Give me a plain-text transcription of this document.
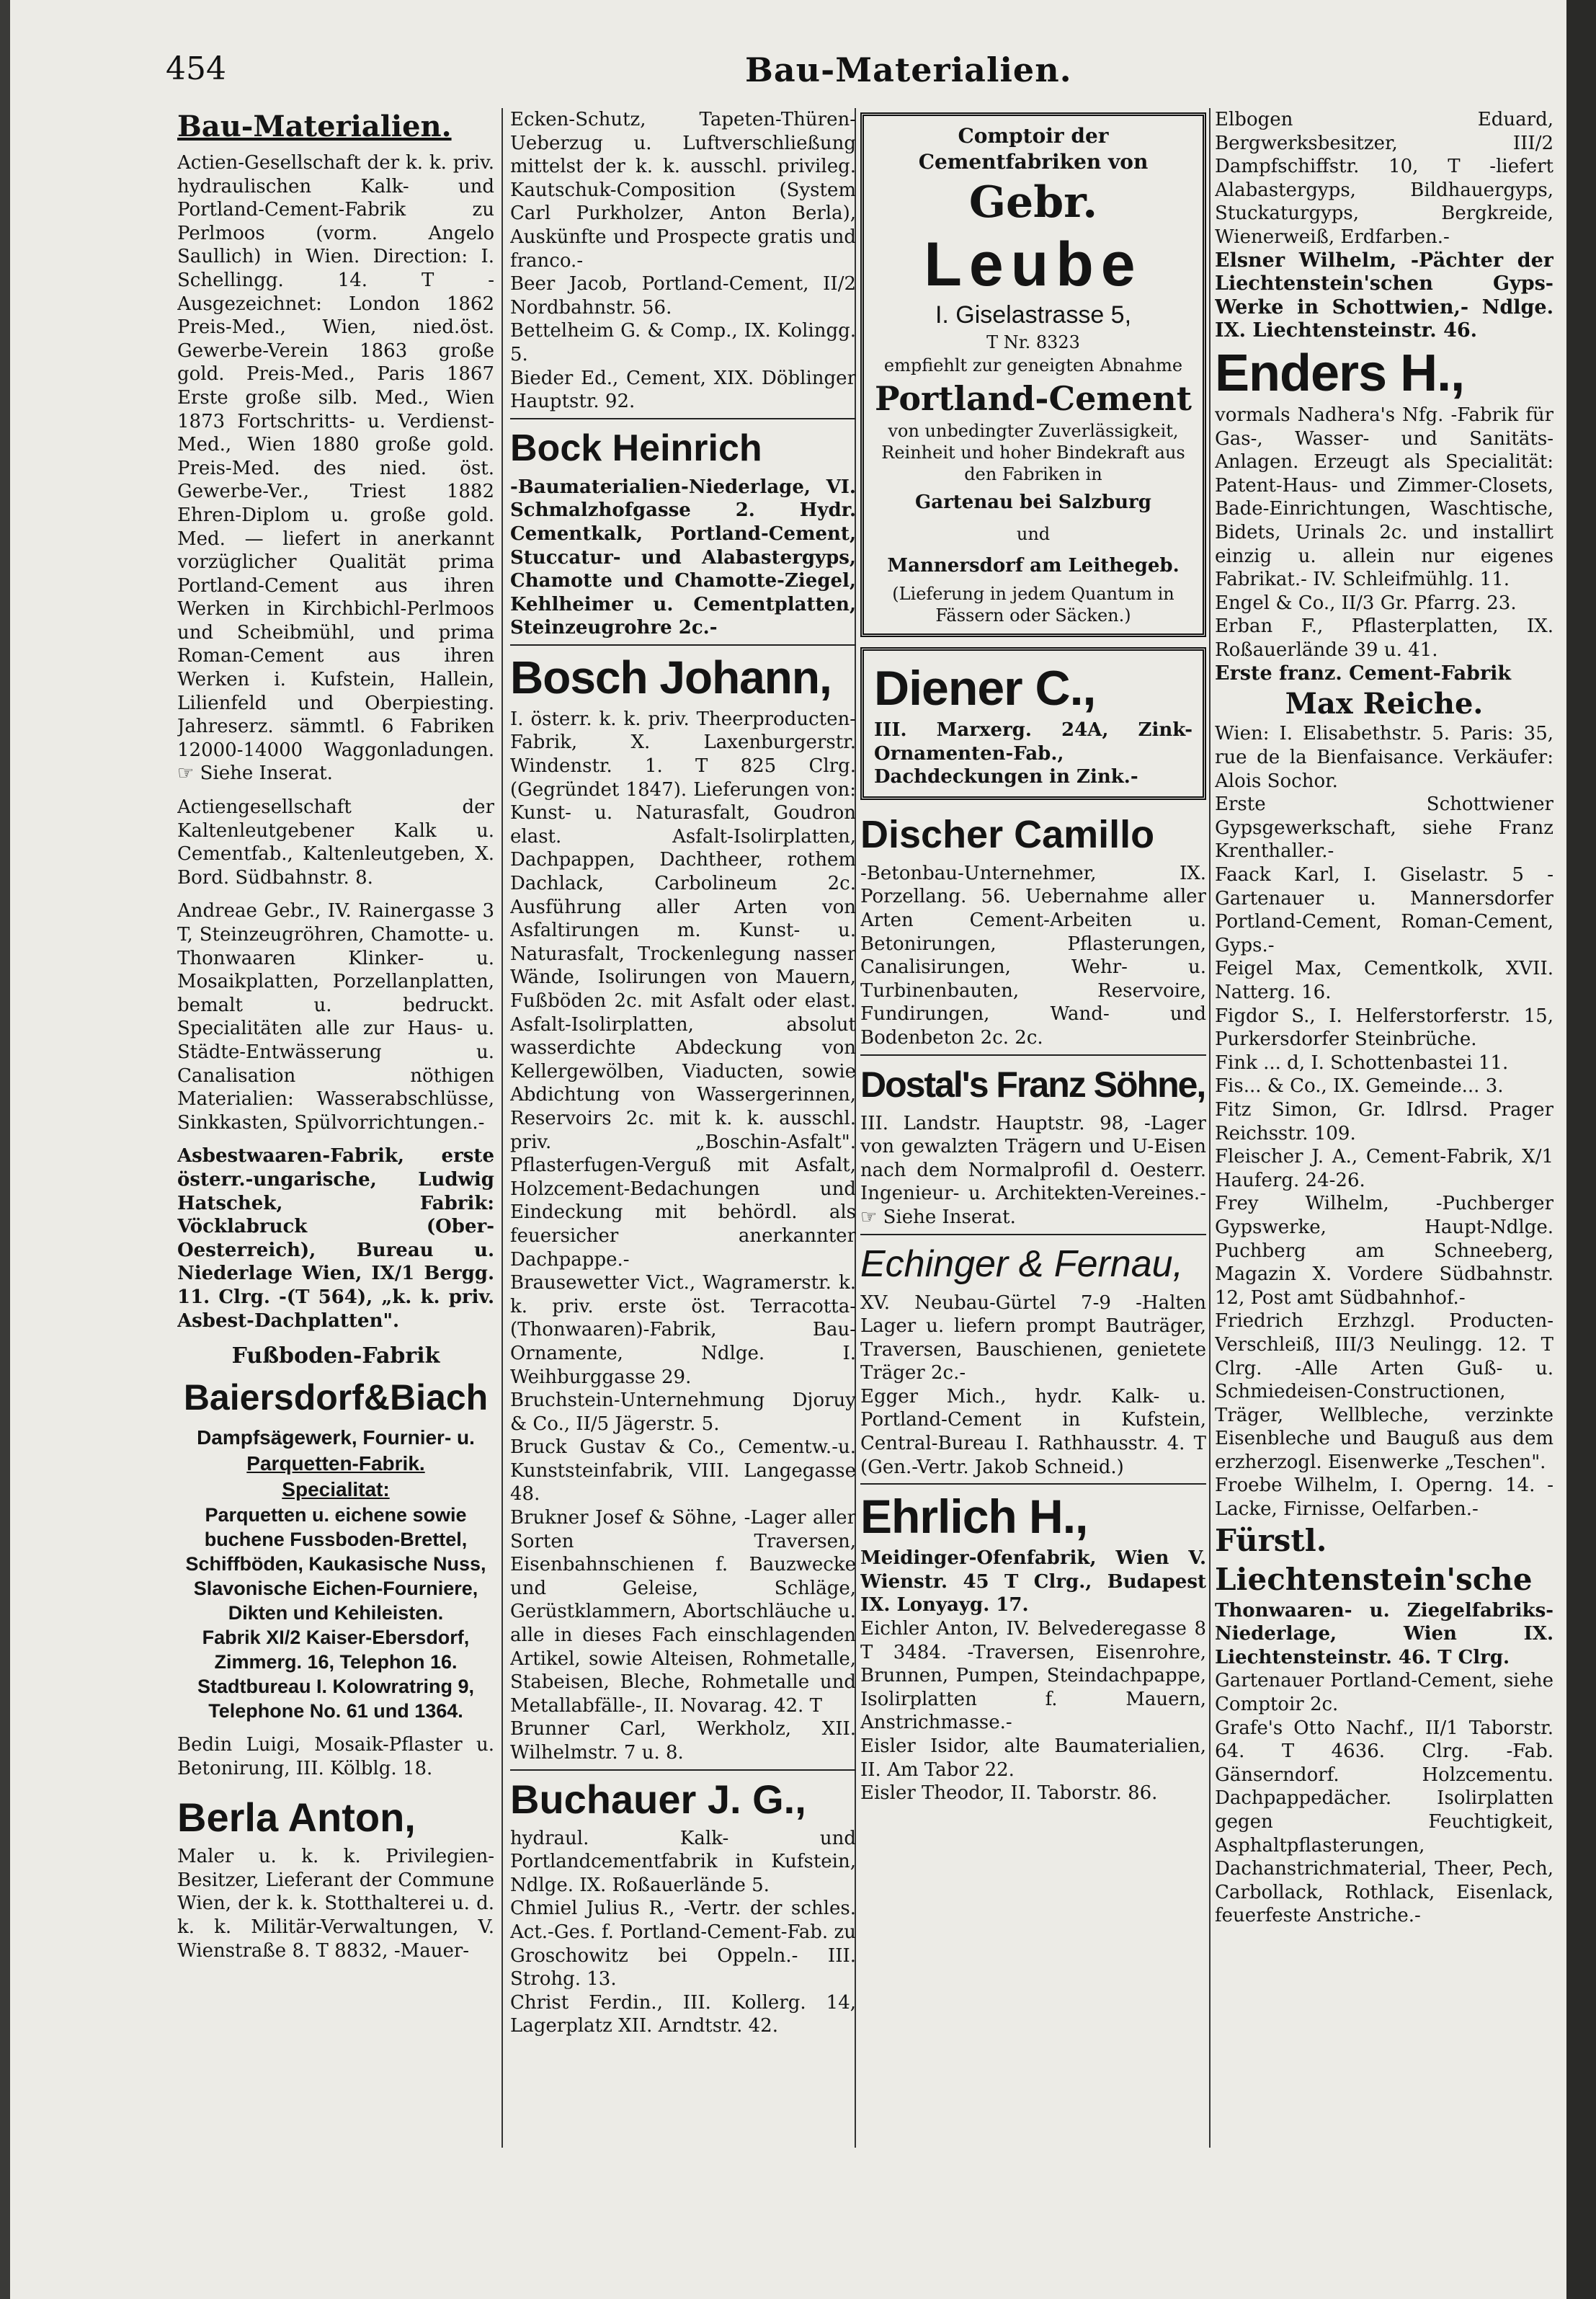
454	Bau-Materialien.
Bau-Materialien.

Actien-Gesellschaft der k. k. priv. hydraulischen Kalk- und Portland-Cement-Fabrik zu Perlmoos (vorm. Angelo Saullich) in Wien. Direction: I. Schellingg. 14. T -Ausgezeichnet: London 1862 Preis-Med., Wien, nied.öst. Gewerbe-Verein 1863 große gold. Preis-Med., Paris 1867 Erste große silb. Med., Wien 1873 Fortschritts- u. Verdienst-Med., Wien 1880 große gold. Preis-Med. des nied. öst. Gewerbe-Ver., Triest 1882 Ehren-Diplom u. große gold. Med. — liefert in anerkannt vorzüglicher Qualität prima Portland-Cement aus ihren Werken in Kirchbichl-Perlmoos und Scheibmühl, und prima Roman-Cement aus ihren Werken i. Kufstein, Hallein, Lilienfeld und Oberpiesting. Jahreserz. sämmtl. 6 Fabriken 12000-14000 Waggonladungen. ☞ Siehe Inserat.

Actiengesellschaft der Kaltenleutgebener Kalk u. Cementfab., Kaltenleutgeben, X. Bord. Südbahnstr. 8.

Andreae Gebr., IV. Rainergasse 3 T, Steinzeugröhren, Chamotte- u. Thonwaaren Klinker- u. Mosaikplatten, Porzellanplatten, bemalt u. bedruckt. Specialitäten alle zur Haus- u. Städte-Entwässerung u. Canalisation nöthigen Materialien: Wasserabschlüsse, Sinkkasten, Spülvorrichtungen.-

Asbestwaaren-Fabrik, erste österr.-ungarische, Ludwig Hatschek, Fabrik: Vöcklabruck (Ober-Oesterreich), Bureau u. Niederlage Wien, IX/1 Bergg. 11. Clrg. -(T 564), „k. k. priv. Asbest-Dachplatten".

Fußboden-Fabrik
Baiersdorf&Biach
Dampfsägewerk, Fournier- u.
Parquetten-Fabrik.
Specialitat:

Parquetten u. eichene sowie buchene Fussboden-Brettel, Schiffböden, Kaukasische Nuss, Slavonische Eichen-Fourniere, Dikten und Kehileisten.

Fabrik XI/2 Kaiser-Ebersdorf,
Zimmerg. 16, Telephon 16.
Stadtbureau I. Kolowratring 9,
Telephone No. 61 und 1364.

Bedin Luigi, Mosaik-Pflaster u. Betonirung, III. Kölblg. 18.

Berla Anton,

Maler u. k. k. Privilegien-Besitzer, Lieferant der Commune Wien, der k. k. Stotthalterei u. d. k. k. Militär-Verwaltungen, V. Wienstraße 8. T 8832, -Mauer-

Ecken-Schutz, Tapeten-Thüren-Ueberzug u. Luftverschließung mittelst der k. k. ausschl. privileg. Kautschuk-Composition (System Carl Purkholzer, Anton Berla), Auskünfte und Prospecte gratis und franco.-

Beer Jacob, Portland-Cement, II/2 Nordbahnstr. 56.

Bettelheim G. & Comp., IX. Kolingg. 5.

Bieder Ed., Cement, XIX. Döblinger Hauptstr. 92.

Bock Heinrich

-Baumaterialien-Niederlage, VI. Schmalzhofgasse 2. Hydr. Cementkalk, Portland-Cement, Stuccatur- und Alabastergyps, Chamotte und Chamotte-Ziegel, Kehlheimer u. Cementplatten, Steinzeugrohre 2c.-

Bosch Johann,

I. österr. k. k. priv. Theerproducten-Fabrik, X. Laxenburgerstr. Windenstr. 1. T 825 Clrg. (Gegründet 1847). Lieferungen von: Kunst- u. Naturasfalt, Goudron elast. Asfalt-Isolirplatten, Dachpappen, Dachtheer, rothem Dachlack, Carbolineum 2c. Ausführung aller Arten von Asfaltirungen m. Kunst- u. Naturasfalt, Trockenlegung nasser Wände, Isolirungen von Mauern, Fußböden 2c. mit Asfalt oder elast. Asfalt-Isolirplatten, absolut wasserdichte Abdeckung von Kellergewölben, Viaducten, sowie Abdichtung von Wassergerinnen, Reservoirs 2c. mit k. k. ausschl. priv. „Boschin-Asfalt". Pflasterfugen-Verguß mit Asfalt, Holzcement-Bedachungen und Eindeckung mit behördl. als feuersicher anerkannter Dachpappe.-

Brausewetter Vict., Wagramerstr. k. k. priv. erste öst. Terracotta-(Thonwaaren)-Fabrik, Bau-Ornamente, Ndlge. I. Weihburggasse 29.

Bruchstein-Unternehmung Djoruy & Co., II/5 Jägerstr. 5.

Bruck Gustav & Co., Cementw.-u. Kunststeinfabrik, VIII. Langegasse 48.

Brukner Josef & Söhne, -Lager aller Sorten Traversen, Eisenbahnschienen f. Bauzwecke und Geleise, Schläge, Gerüstklammern, Abortschläuche u. alle in dieses Fach einschlagenden Artikel, sowie Alteisen, Rohmetalle, Stabeisen, Bleche, Rohmetalle und Metallabfälle-, II. Novarag. 42. T

Brunner Carl, Werkholz, XII. Wilhelmstr. 7 u. 8.

Buchauer J. G.,

hydraul. Kalk- und Portlandcementfabrik in Kufstein, Ndlge. IX. Roßauerlände 5.

Chmiel Julius R., -Vertr. der schles. Act.-Ges. f. Portland-Cement-Fab. zu Groschowitz bei Oppeln.- III. Strohg. 13.

Christ Ferdin., III. Kollerg. 14, Lagerplatz XII. Arndtstr. 42.

Comptoir der Cementfabriken von
Gebr.
Leube
I. Giselastrasse 5,
T Nr. 8323
empfiehlt zur geneigten Abnahme
Portland-Cement

von unbedingter Zuverlässigkeit, Reinheit und hoher Bindekraft aus den Fabriken in

Gartenau bei Salzburg
und
Mannersdorf am Leithegeb.
(Lieferung in jedem Quantum in Fässern oder Säcken.)
Diener C.,

III. Marxerg. 24A, Zink-Ornamenten-Fab., Dachdeckungen in Zink.-

Discher Camillo

-Betonbau-Unternehmer, IX. Porzellang. 56. Uebernahme aller Arten Cement-Arbeiten u. Betonirungen, Pflasterungen, Canalisirungen, Wehr- u. Turbinenbauten, Reservoire, Fundirungen, Wand- und Bodenbeton 2c. 2c.

Dostal's Franz Söhne,

III. Landstr. Hauptstr. 98, -Lager von gewalzten Trägern und U-Eisen nach dem Normalprofil d. Oesterr. Ingenieur- u. Architekten-Vereines.- ☞ Siehe Inserat.

Echinger & Fernau,

XV. Neubau-Gürtel 7-9 -Halten Lager u. liefern prompt Bauträger, Traversen, Bauschienen, genietete Träger 2c.-

Egger Mich., hydr. Kalk- u. Portland-Cement in Kufstein, Central-Bureau I. Rathhausstr. 4. T (Gen.-Vertr. Jakob Schneid.)

Ehrlich H.,

Meidinger-Ofenfabrik, Wien V. Wienstr. 45 T Clrg., Budapest IX. Lonyayg. 17.

Eichler Anton, IV. Belvederegasse 8 T 3484. -Traversen, Eisenrohre, Brunnen, Pumpen, Steindachpappe, Isolirplatten f. Mauern, Anstrichmasse.-

Eisler Isidor, alte Baumaterialien, II. Am Tabor 22.

Eisler Theodor, II. Taborstr. 86.

Elbogen Eduard, Bergwerksbesitzer, III/2 Dampfschiffstr. 10, T -liefert Alabastergyps, Bildhauergyps, Stuckaturgyps, Bergkreide, Wienerweiß, Erdfarben.-

Elsner Wilhelm, -Pächter der Liechtenstein'schen Gyps-Werke in Schottwien,- Ndlge. IX. Liechtensteinstr. 46.

Enders H.,

vormals Nadhera's Nfg. -Fabrik für Gas-, Wasser- und Sanitäts-Anlagen. Erzeugt als Specialität: Patent-Haus- und Zimmer-Closets, Bade-Einrichtungen, Waschtische, Bidets, Urinals 2c. und installirt einzig u. allein nur eigenes Fabrikat.- IV. Schleifmühlg. 11.

Engel & Co., II/3 Gr. Pfarrg. 23.

Erban F., Pflasterplatten, IX. Roßauerlände 39 u. 41.

Erste franz. Cement-Fabrik
Max Reiche.

Wien: I. Elisabethstr. 5. Paris: 35, rue de la Bienfaisance. Verkäufer: Alois Sochor.

Erste Schottwiener Gypsgewerkschaft, siehe Franz Krenthaller.-

Faack Karl, I. Giselastr. 5 -Gartenauer u. Mannersdorfer Portland-Cement, Roman-Cement, Gyps.-

Feigel Max, Cementkolk, XVII. Natterg. 16.

Figdor S., I. Helferstorferstr. 15, Purkersdorfer Steinbrüche.

Fink ... d, I. Schottenbastei 11.

Fis... & Co., IX. Gemeinde... 3.

Fitz Simon, Gr. Idlrsd. Prager Reichsstr. 109.

Fleischer J. A., Cement-Fabrik, X/1 Hauferg. 24-26.

Frey Wilhelm, -Puchberger Gypswerke, Haupt-Ndlge. Puchberg am Schneeberg, Magazin X. Vordere Südbahnstr. 12, Post amt Südbahnhof.-

Friedrich Erzhzgl. Producten-Verschleiß, III/3 Neulingg. 12. T Clrg. -Alle Arten Guß- u. Schmiedeisen-Constructionen, Träger, Wellbleche, verzinkte Eisenbleche und Bauguß aus dem erzherzogl. Eisenwerke „Teschen".

Froebe Wilhelm, I. Operng. 14. -Lacke, Firnisse, Oelfarben.-

Fürstl. Liechtenstein'sche

Thonwaaren- u. Ziegelfabriks-Niederlage, Wien IX. Liechtensteinstr. 46. T Clrg.

Gartenauer Portland-Cement, siehe Comptoir 2c.

Grafe's Otto Nachf., II/1 Taborstr. 64. T 4636. Clrg. -Fab. Gänserndorf. Holzcementu. Dachpappedächer. Isolirplatten gegen Feuchtigkeit, Asphaltpflasterungen, Dachanstrichmaterial, Theer, Pech, Carbollack, Rothlack, Eisenlack, feuerfeste Anstriche.-
